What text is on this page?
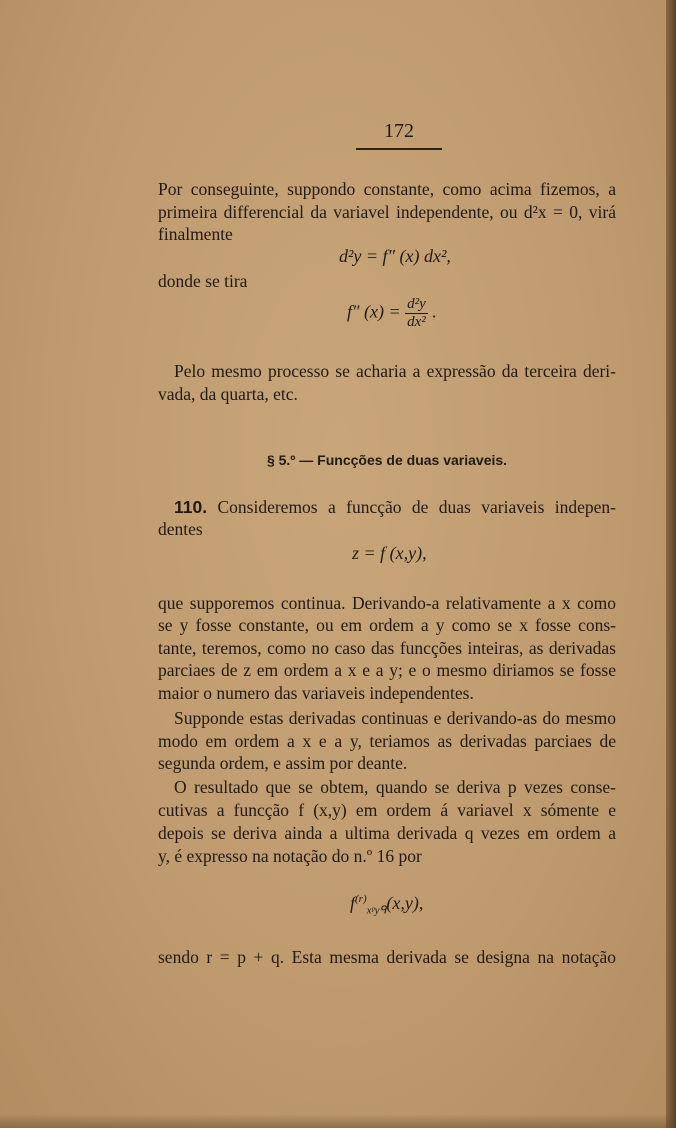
172
Por conseguinte, suppondo constante, como acima fizemos, a
primeira differencial da variavel independente, ou d²x = 0, virá
finalmente
d²y = f″ (x) dx²,
donde se tira
f″ $(x) = \frac{\text{d²y}}{\text{dx²}}$ .
Pelo mesmo processo se acharia a expressão da terceira deri-
vada, da quarta, etc.
§ 5.º — Funcções de duas variaveis.
110. Consideremos a funcção de duas variaveis indepen-
dentes
z = f (x,y),
que supporemos continua. Derivando-a relativamente a x como
se y fosse constante, ou em ordem a y como se x fosse cons-
tante, teremos, como no caso das funcções inteiras, as derivadas
parciaes de z em ordem a x e a y; e o mesmo diriamos se fosse
maior o numero das variaveis independentes.
Supponde estas derivadas continuas e derivando-as do mesmo
modo em ordem a x e a y, teriamos as derivadas parciaes de
segunda ordem, e assim por deante.
O resultado que se obtem, quando se deriva p vezes conse-
cutivas a funcção f (x,y) em ordem á variavel x sómente e
depois se deriva ainda a ultima derivada q vezes em ordem a
y, é expresso na notação do n.º 16 por
$f^{(r)}_{xᵖyᑫ}(x,y)$,
sendo r = p + q. Esta mesma derivada se designa na notação
